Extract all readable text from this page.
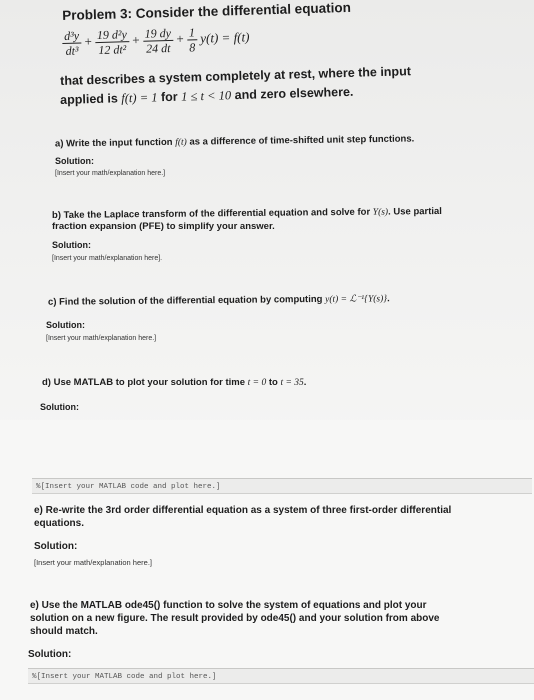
Problem 3: Consider the differential equation
$\frac{\text{d³y}}{\text{dt³}} + \frac{\text{19 d²y}}{\text{12 dt²}} + \frac{19 dy}{24 dt} + \frac{1}{8} y(t) = f(t)$
that describes a system completely at rest, where the input
applied is f(t) = 1 for 1 ≤ t < 10 and zero elsewhere.
a) Write the input function f(t) as a difference of time-shifted unit step functions.
Solution:
[Insert your math/explanation here.]
b) Take the Laplace transform of the differential equation and solve for Y(s). Use partial
fraction expansion (PFE) to simplify your answer.
Solution:
[Insert your math/explanation here].
c) Find the solution of the differential equation by computing y(t) = ℒ⁻¹{Y(s)}.
Solution:
[Insert your math/explanation here.]
d) Use MATLAB to plot your solution for time t = 0 to t = 35.
Solution:
%[Insert your MATLAB code and plot here.]
e) Re-write the 3rd order differential equation as a system of three first-order differential
equations.
Solution:
[Insert your math/explanation here.]
e) Use the MATLAB ode45() function to solve the system of equations and plot your
solution on a new figure. The result provided by ode45() and your solution from above
should match.
Solution:
%[Insert your MATLAB code and plot here.]
